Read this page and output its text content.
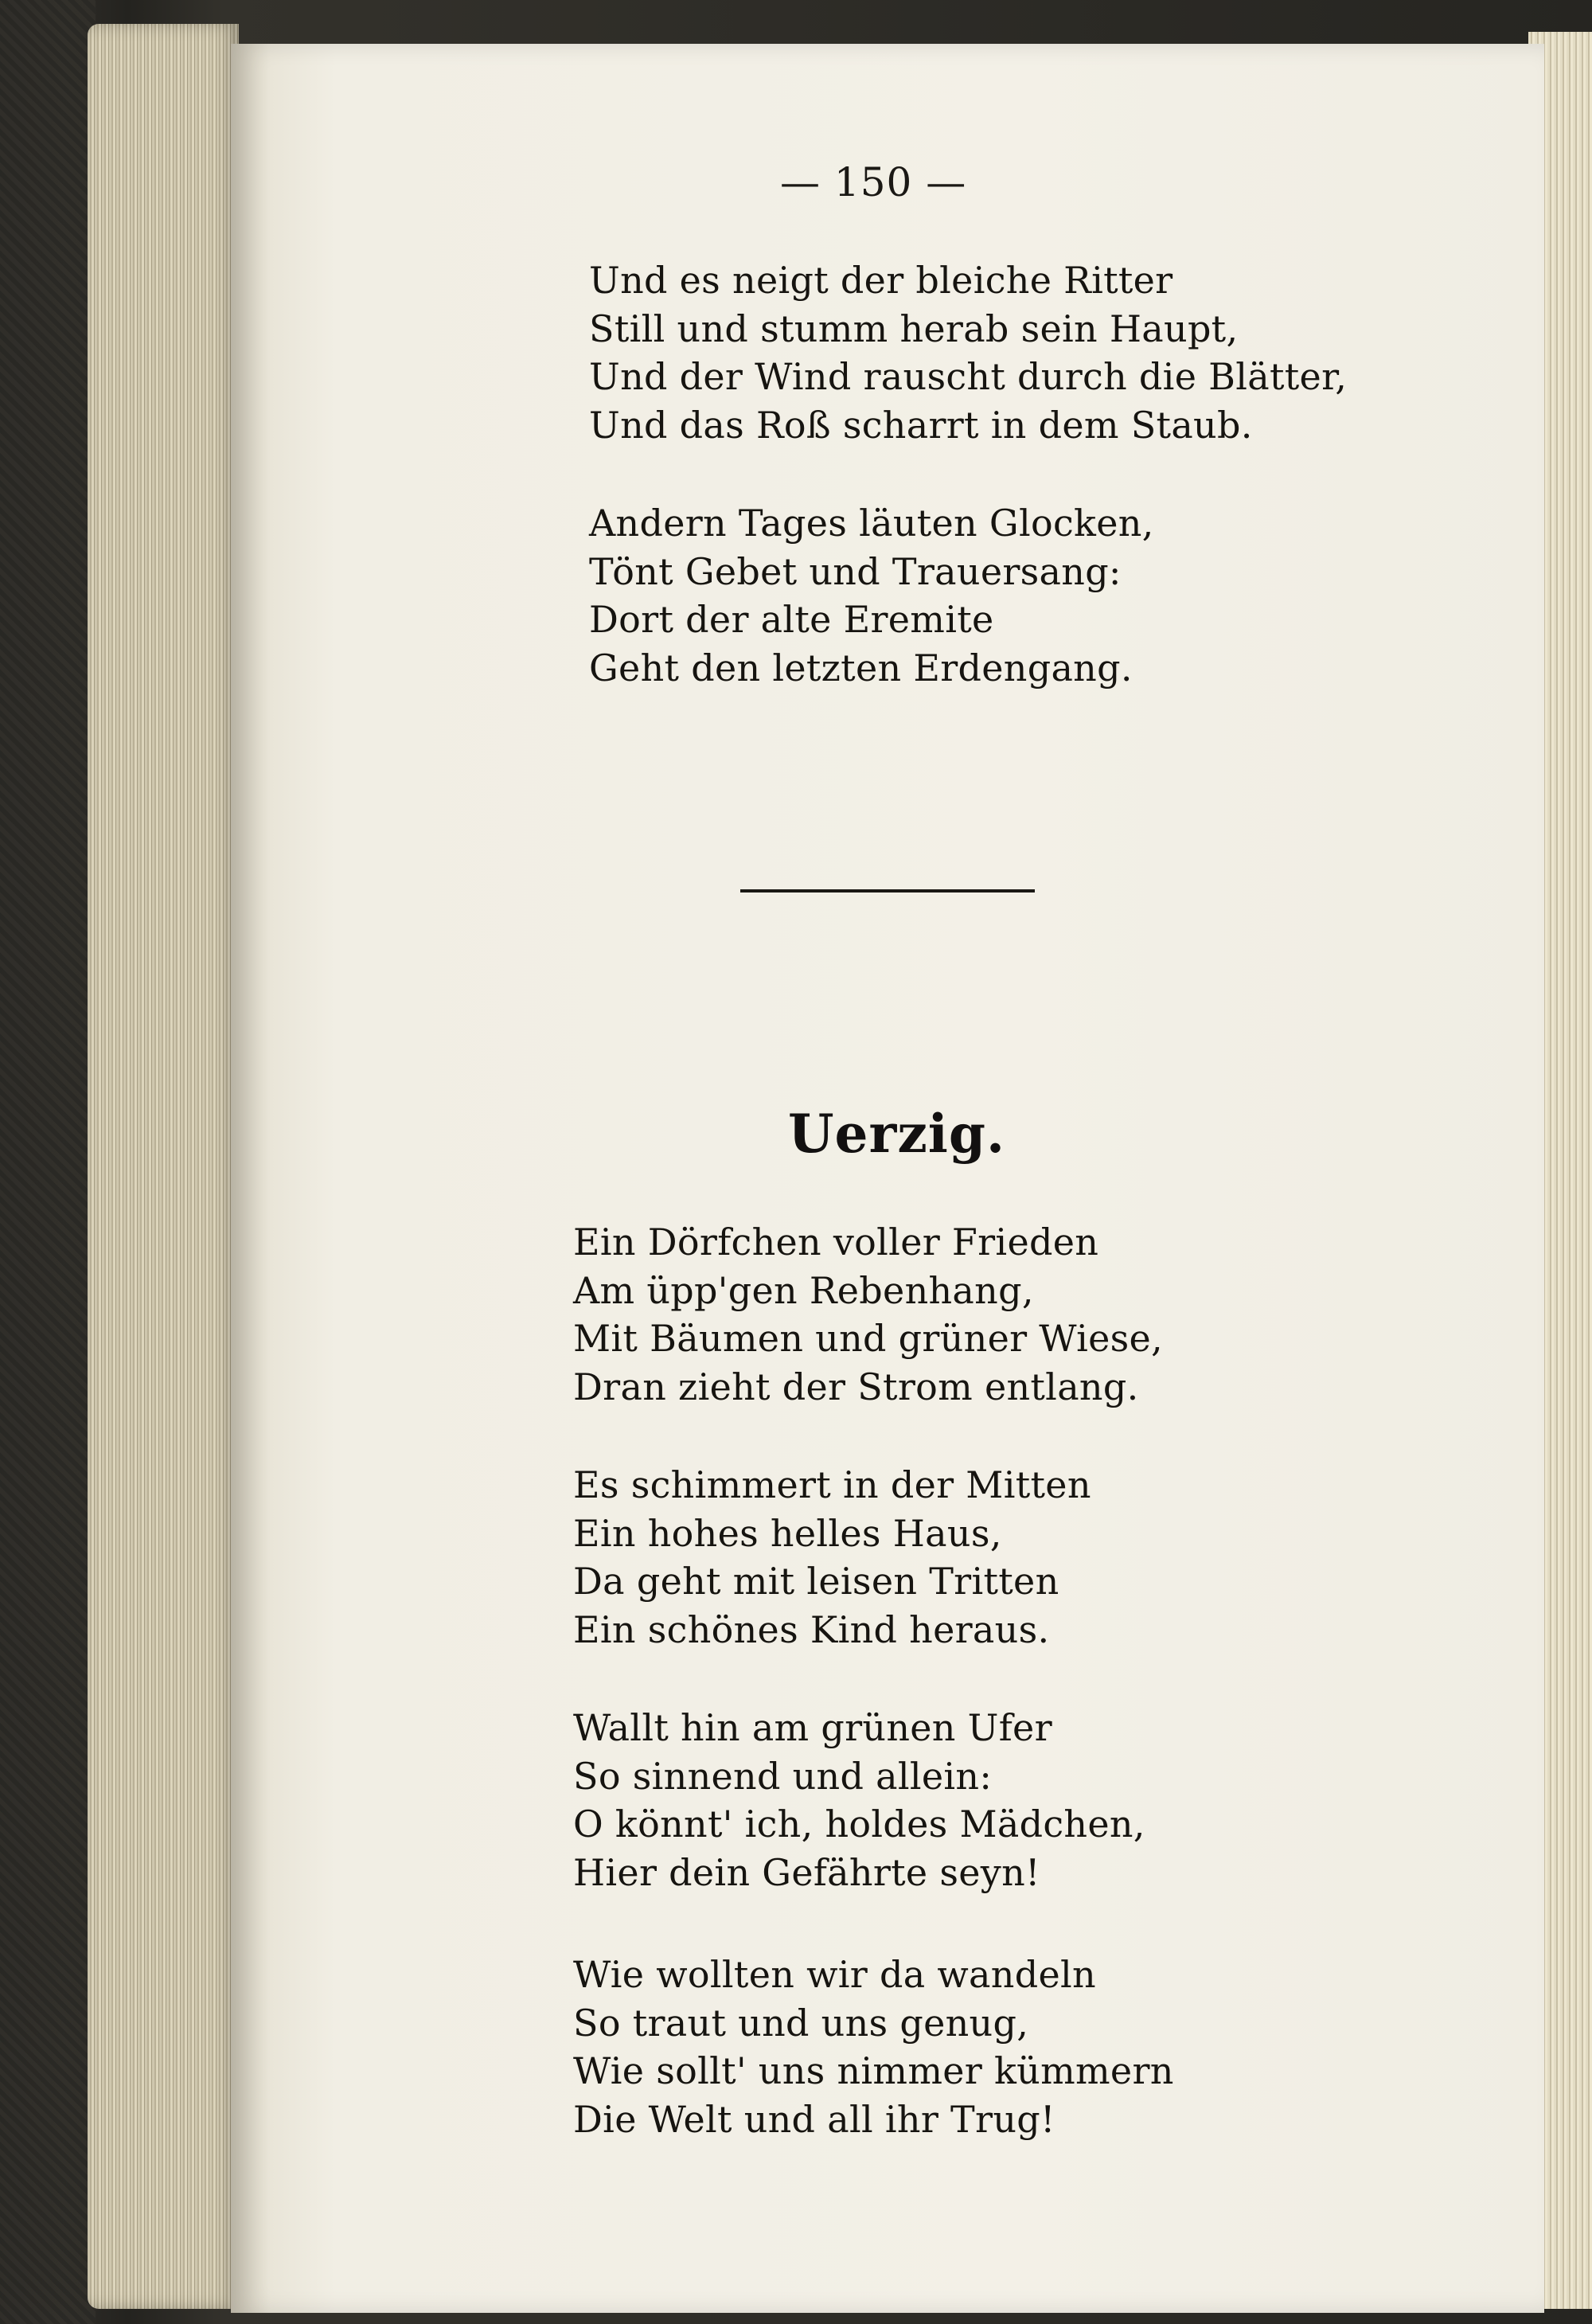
— 150 —
Und es neigt der bleiche Ritter
Still und stumm herab sein Haupt,
Und der Wind rauscht durch die Blätter,
Und das Roß scharrt in dem Staub.
Andern Tages läuten Glocken,
Tönt Gebet und Trauersang:
Dort der alte Eremite
Geht den letzten Erdengang.
Uerzig.
Ein Dörfchen voller Frieden
Am üpp'gen Rebenhang,
Mit Bäumen und grüner Wiese,
Dran zieht der Strom entlang.
Es schimmert in der Mitten
Ein hohes helles Haus,
Da geht mit leisen Tritten
Ein schönes Kind heraus.
Wallt hin am grünen Ufer
So sinnend und allein:
O könnt' ich, holdes Mädchen,
Hier dein Gefährte seyn!
Wie wollten wir da wandeln
So traut und uns genug,
Wie sollt' uns nimmer kümmern
Die Welt und all ihr Trug!
